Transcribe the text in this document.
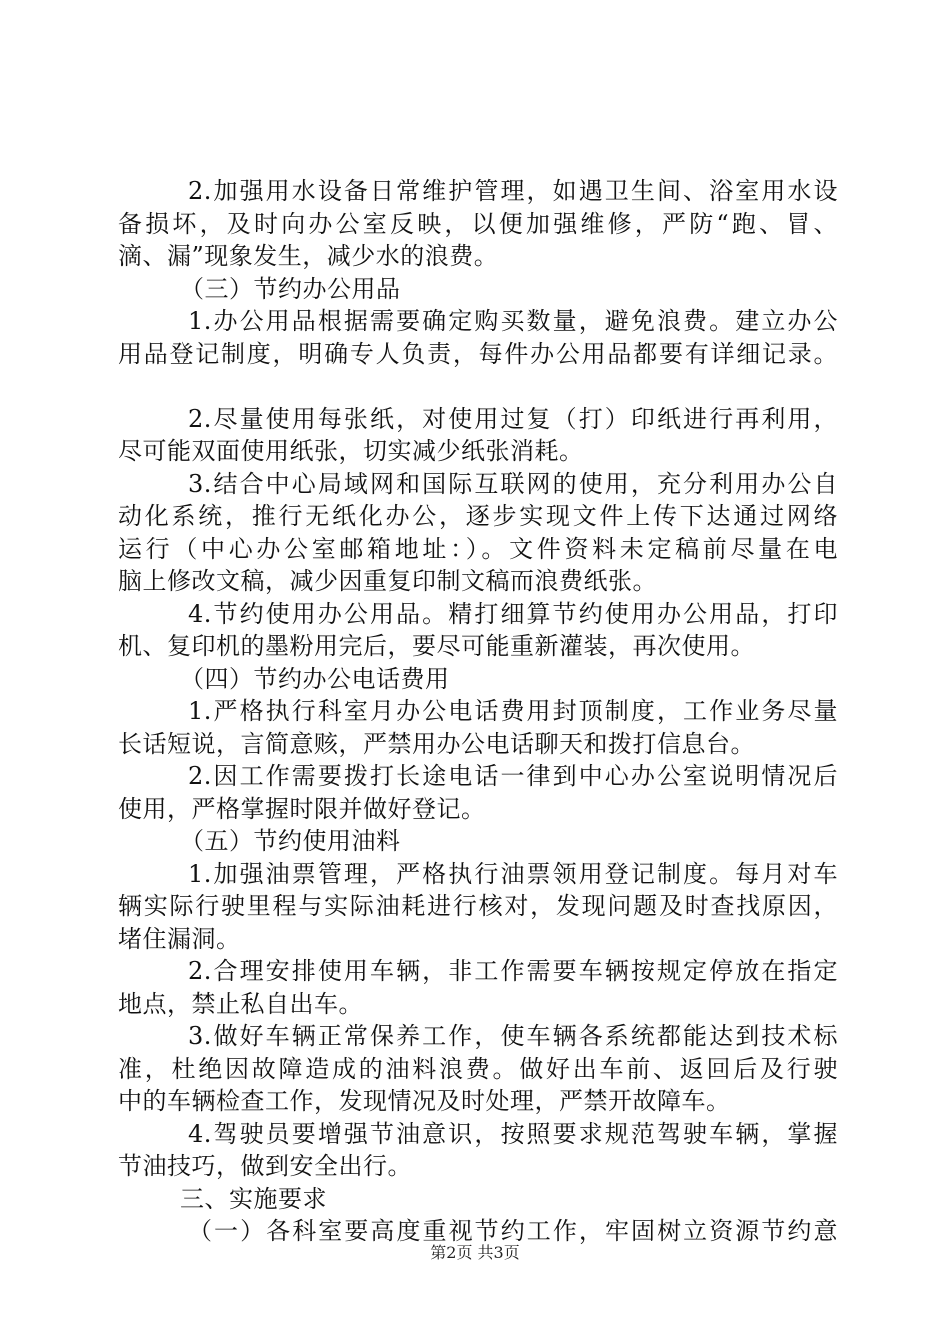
2.加强用水设备日常维护管理，如遇卫生间、浴室用水设
备损坏，及时向办公室反映，以便加强维修，严防“跑、冒、
滴、漏”现象发生，减少水的浪费。
（三）节约办公用品
1.办公用品根据需要确定购买数量，避免浪费。建立办公
用品登记制度，明确专人负责，每件办公用品都要有详细记录。
2.尽量使用每张纸，对使用过复（打）印纸进行再利用，
尽可能双面使用纸张，切实减少纸张消耗。
3.结合中心局域网和国际互联网的使用，充分利用办公自
动化系统，推行无纸化办公，逐步实现文件上传下达通过网络
运行（中心办公室邮箱地址：）。文件资料未定稿前尽量在电
脑上修改文稿，减少因重复印制文稿而浪费纸张。
4.节约使用办公用品。精打细算节约使用办公用品，打印
机、复印机的墨粉用完后，要尽可能重新灌装，再次使用。
（四）节约办公电话费用
1.严格执行科室月办公电话费用封顶制度，工作业务尽量
长话短说，言简意赅，严禁用办公电话聊天和拨打信息台。
2.因工作需要拨打长途电话一律到中心办公室说明情况后
使用，严格掌握时限并做好登记。
（五）节约使用油料
1.加强油票管理，严格执行油票领用登记制度。每月对车
辆实际行驶里程与实际油耗进行核对，发现问题及时查找原因，
堵住漏洞。
2.合理安排使用车辆，非工作需要车辆按规定停放在指定
地点，禁止私自出车。
3.做好车辆正常保养工作，使车辆各系统都能达到技术标
准，杜绝因故障造成的油料浪费。做好出车前、返回后及行驶
中的车辆检查工作，发现情况及时处理，严禁开故障车。
4.驾驶员要增强节油意识，按照要求规范驾驶车辆，掌握
节油技巧，做到安全出行。
三、实施要求
（一）各科室要高度重视节约工作，牢固树立资源节约意
第2页 共3页
